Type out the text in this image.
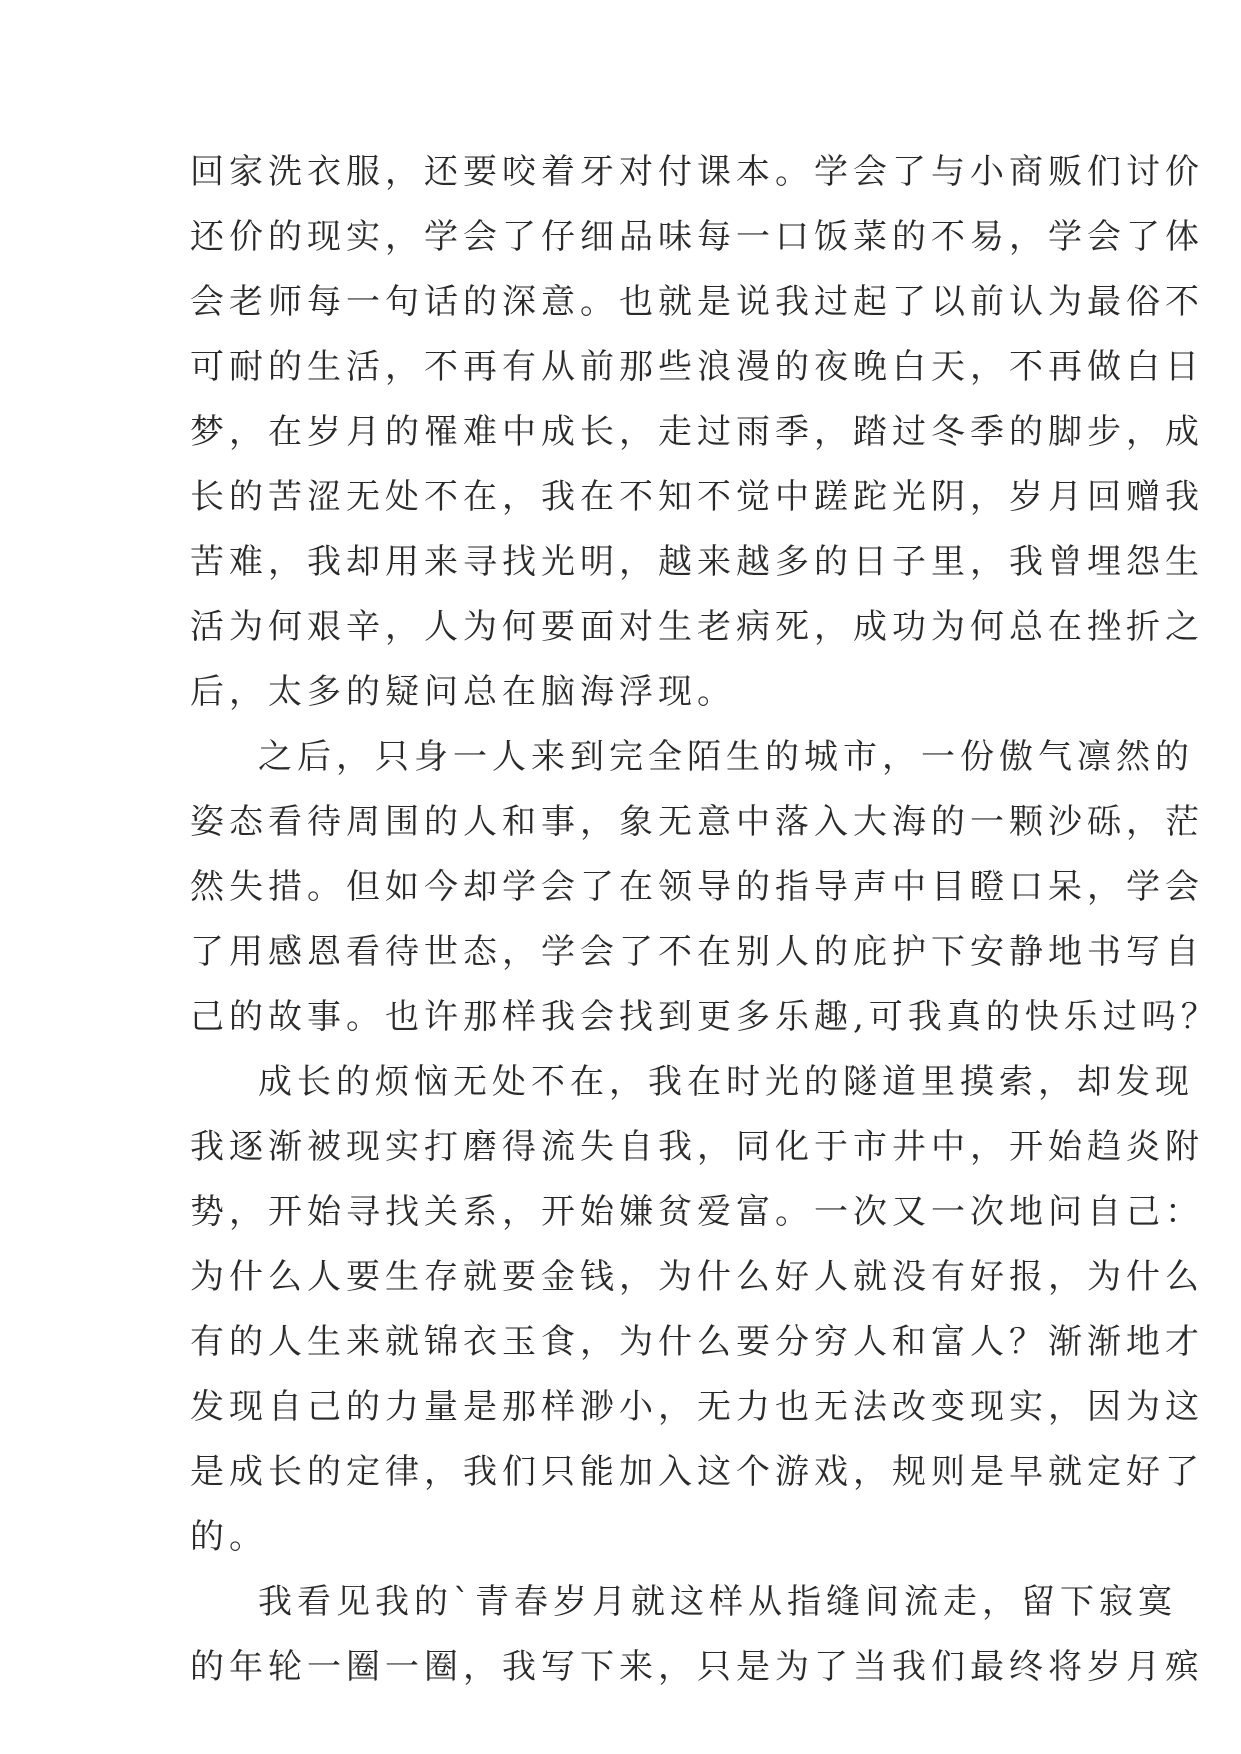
回家洗衣服，还要咬着牙对付课本。学会了与小商贩们讨价
还价的现实，学会了仔细品味每一口饭菜的不易，学会了体
会老师每一句话的深意。也就是说我过起了以前认为最俗不
可耐的生活，不再有从前那些浪漫的夜晚白天，不再做白日
梦，在岁月的罹难中成长，走过雨季，踏过冬季的脚步，成
长的苦涩无处不在，我在不知不觉中蹉跎光阴，岁月回赠我
苦难，我却用来寻找光明，越来越多的日子里，我曾埋怨生
活为何艰辛，人为何要面对生老病死，成功为何总在挫折之
后，太多的疑问总在脑海浮现。
之后，只身一人来到完全陌生的城市，一份傲气凛然的
姿态看待周围的人和事，象无意中落入大海的一颗沙砾，茫
然失措。但如今却学会了在领导的指导声中目瞪口呆，学会
了用感恩看待世态，学会了不在别人的庇护下安静地书写自
己的故事。也许那样我会找到更多乐趣,可我真的快乐过吗？
成长的烦恼无处不在，我在时光的隧道里摸索，却发现
我逐渐被现实打磨得流失自我，同化于市井中，开始趋炎附
势，开始寻找关系，开始嫌贫爱富。一次又一次地问自己：
为什么人要生存就要金钱，为什么好人就没有好报，为什么
有的人生来就锦衣玉食，为什么要分穷人和富人？渐渐地才
发现自己的力量是那样渺小，无力也无法改变现实，因为这
是成长的定律，我们只能加入这个游戏，规则是早就定好了
的。
我看见我的`青春岁月就这样从指缝间流走，留下寂寞
的年轮一圈一圈，我写下来，只是为了当我们最终将岁月殡
